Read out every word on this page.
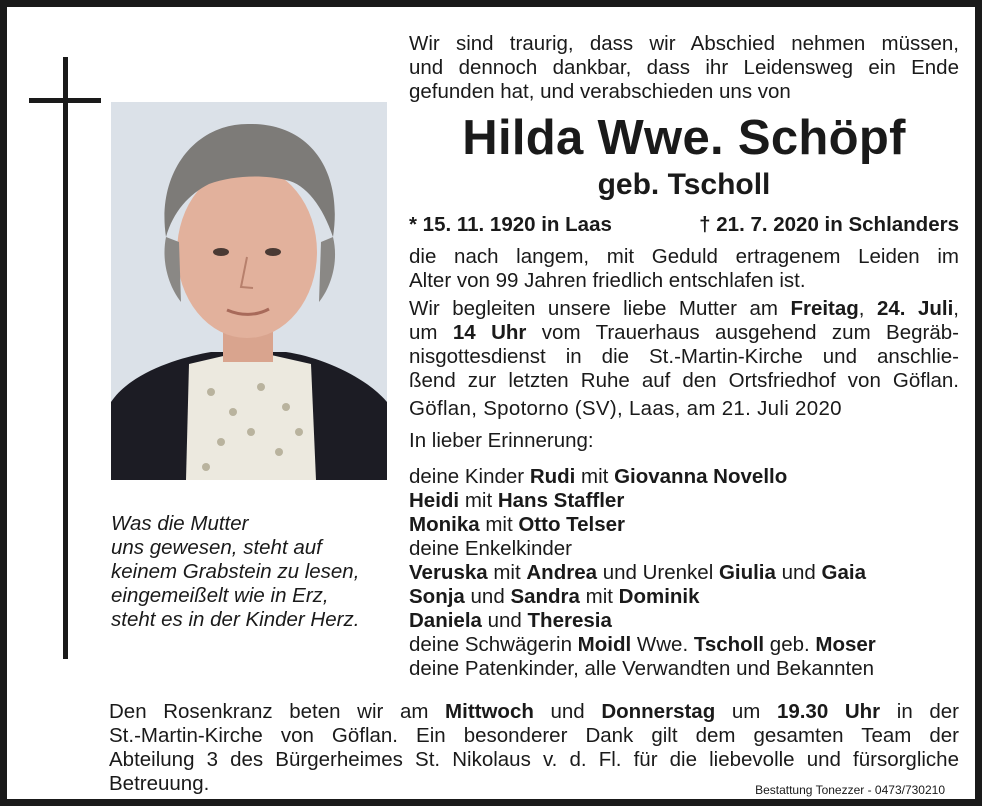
Was die Mutter
uns gewesen, steht auf
keinem Grabstein zu lesen,
eingemeißelt wie in Erz,
steht es in der Kinder Herz.
Wir sind traurig, dass wir Abschied nehmen müssen,
und dennoch dankbar, dass ihr Leidensweg ein Ende
gefunden hat, und verabschieden uns von
Hilda Wwe. Schöpf
geb. Tscholl
* 15. 11. 1920 in Laas	† 21. 7. 2020 in Schlanders
die nach langem, mit Geduld ertragenem Leiden im
Alter von 99 Jahren friedlich entschlafen ist.
Wir begleiten unsere liebe Mutter am Freitag, 24. Juli,
um 14 Uhr vom Trauerhaus ausgehend zum Begräb-
nisgottesdienst in die St.-Martin-Kirche und anschlie-
ßend zur letzten Ruhe auf den Ortsfriedhof von Göflan.
Göflan, Spotorno (SV), Laas, am 21. Juli 2020
In lieber Erinnerung:
deine Kinder Rudi mit Giovanna Novello
Heidi mit Hans Staffler
Monika mit Otto Telser
deine Enkelkinder
Veruska mit Andrea und Urenkel Giulia und Gaia
Sonja und Sandra mit Dominik
Daniela und Theresia
deine Schwägerin Moidl Wwe. Tscholl geb. Moser
deine Patenkinder, alle Verwandten und Bekannten
Den Rosenkranz beten wir am Mittwoch und Donnerstag um 19.30 Uhr in der
St.-Martin-Kirche von Göflan. Ein besonderer Dank gilt dem gesamten Team der
Abteilung 3 des Bürgerheimes St. Nikolaus v. d. Fl. für die liebevolle und fürsorgliche
Betreuung.	Bestattung Tonezzer - 0473/730210
